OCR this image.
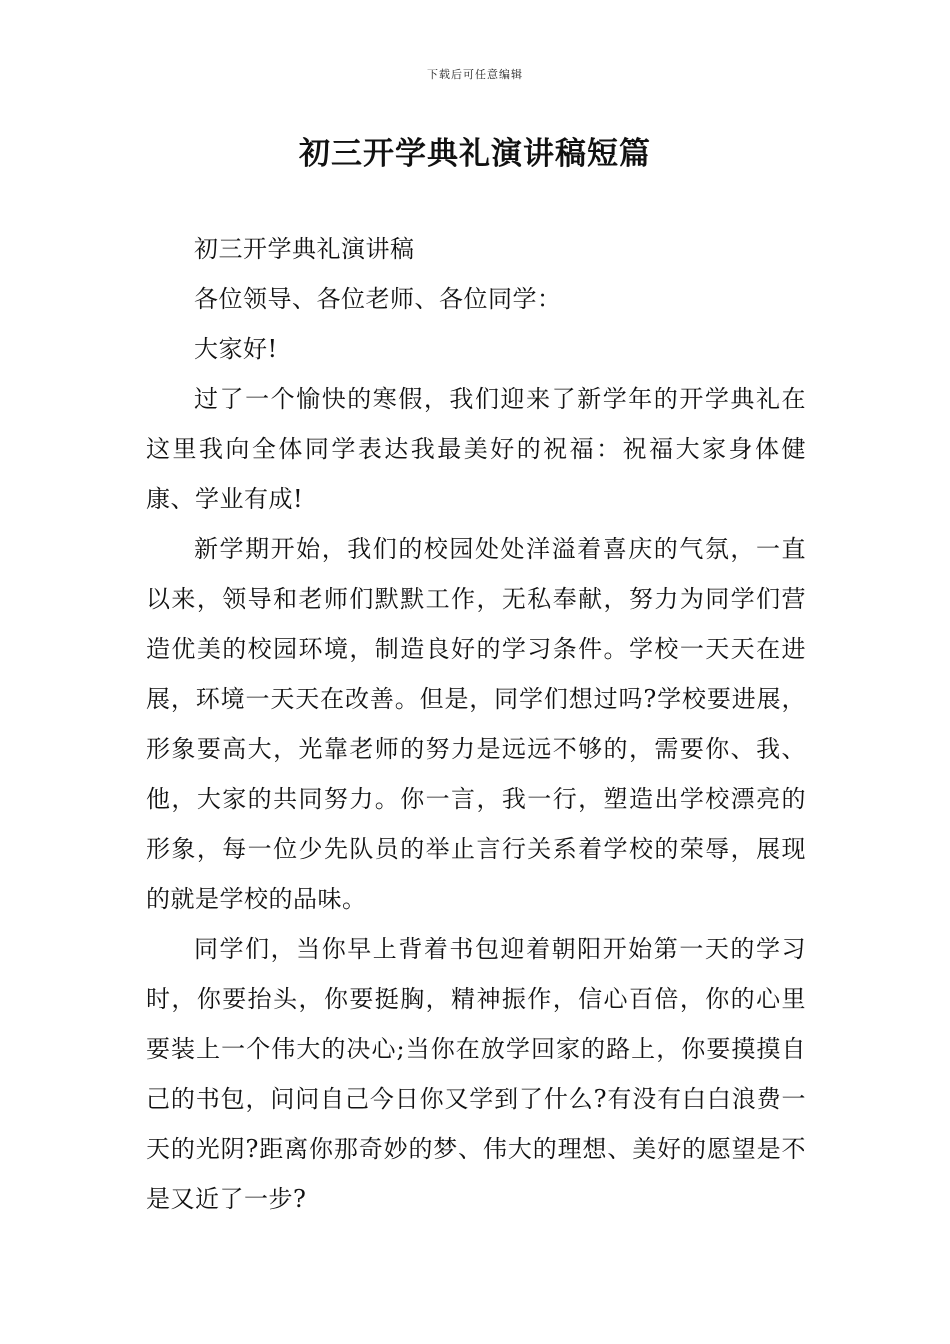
下载后可任意编辑
初三开学典礼演讲稿短篇

初三开学典礼演讲稿

各位领导、各位老师、各位同学：

大家好!

过了一个愉快的寒假，我们迎来了新学年的开学典礼在这里我向全体同学表达我最美好的祝福：祝福大家身体健康、学业有成!

新学期开始，我们的校园处处洋溢着喜庆的气氛，一直以来，领导和老师们默默工作，无私奉献，努力为同学们营造优美的校园环境，制造良好的学习条件。学校一天天在进展，环境一天天在改善。但是，同学们想过吗?学校要进展，形象要高大，光靠老师的努力是远远不够的，需要你、我、他，大家的共同努力。你一言，我一行，塑造出学校漂亮的形象，每一位少先队员的举止言行关系着学校的荣辱，展现的就是学校的品味。

同学们，当你早上背着书包迎着朝阳开始第一天的学习时，你要抬头，你要挺胸，精神振作，信心百倍，你的心里要装上一个伟大的决心;当你在放学回家的路上，你要摸摸自己的书包，问问自己今日你又学到了什么?有没有白白浪费一天的光阴?距离你那奇妙的梦、伟大的理想、美好的愿望是不是又近了一步?
